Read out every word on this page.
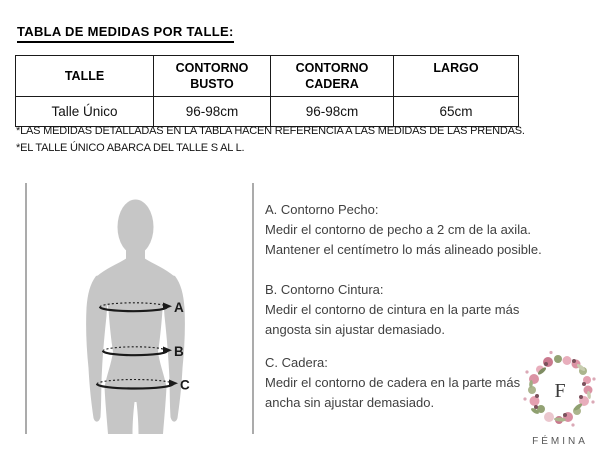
TABLA DE MEDIDAS POR TALLE:
TALLE	CONTORNO BUSTO	CONTORNO CADERA	LARGO
Talle Único	96-98cm	96-98cm	65cm
*LAS MEDIDAS DETALLADAS EN LA TABLA HACEN REFERENCIA A LAS MEDIDAS DE LAS PRENDAS.
*EL TALLE ÚNICO ABARCA DEL TALLE S AL L.
A
B
C
A. Contorno Pecho:
Medir el contorno de pecho a 2 cm de la axila.
Mantener el centímetro lo más alineado posible.
B. Contorno Cintura:
Medir el contorno de cintura en la parte más
angosta sin ajustar demasiado.
C. Cadera:
Medir el contorno de cadera en la parte más
ancha sin ajustar demasiado.
F
FÉMINA
